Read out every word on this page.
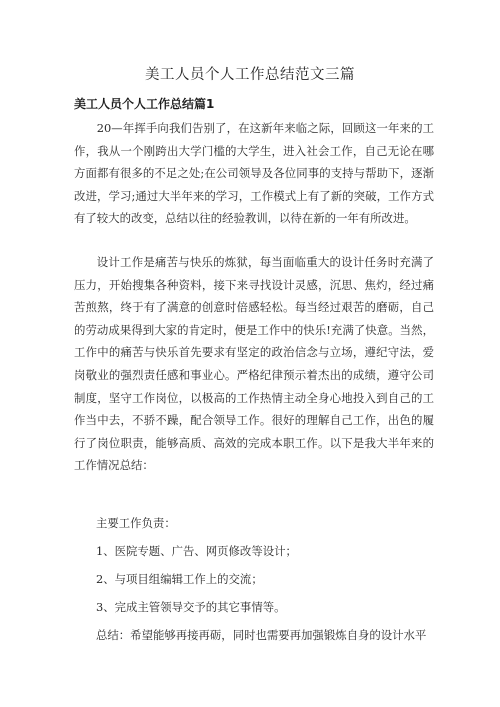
美工人员个人工作总结范文三篇
美工人员个人工作总结篇1

20—年挥手向我们告别了，在这新年来临之际，回顾这一年来的工作，我从一个刚跨出大学门槛的大学生，进入社会工作，自己无论在哪方面都有很多的不足之处;在公司领导及各位同事的支持与帮助下，逐渐改进，学习;通过大半年来的学习，工作模式上有了新的突破，工作方式有了较大的改变，总结以往的经验教训，以待在新的一年有所改进。

设计工作是痛苦与快乐的炼狱，每当面临重大的设计任务时充满了压力，开始搜集各种资料，接下来寻找设计灵感，沉思、焦灼，经过痛苦煎熬，终于有了满意的创意时倍感轻松。每当经过艰苦的磨砺，自己的劳动成果得到大家的肯定时，便是工作中的快乐!充满了快意。当然，工作中的痛苦与快乐首先要求有坚定的政治信念与立场，遵纪守法，爱岗敬业的强烈责任感和事业心。严格纪律预示着杰出的成绩，遵守公司制度，坚守工作岗位，以极高的工作热情主动全身心地投入到自己的工作当中去，不骄不躁，配合领导工作。很好的理解自己工作，出色的履行了岗位职责，能够高质、高效的完成本职工作。以下是我大半年来的工作情况总结：

主要工作负责：

1、医院专题、广告、网页修改等设计；

2、与项目组编辑工作上的交流；

3、完成主管领导交予的其它事情等。

总结：希望能够再接再砺，同时也需要再加强锻炼自身的设计水平
